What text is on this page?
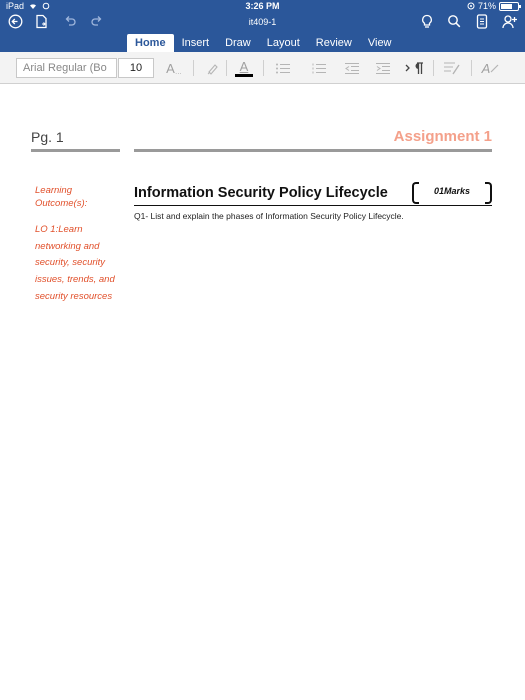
iPad	3:26 PM	71%
it409-1
Home	Insert	Draw	Layout	Review	View
Arial Regular (Bo	10	A …	A	A
Pg. 1	Assignment 1
Learning Outcome(s):
LO 1:Learn networking and security, security issues, trends, and security resources
Information Security Policy Lifecycle	01Marks
Q1- List and explain the phases of Information Security Policy Lifecycle.
